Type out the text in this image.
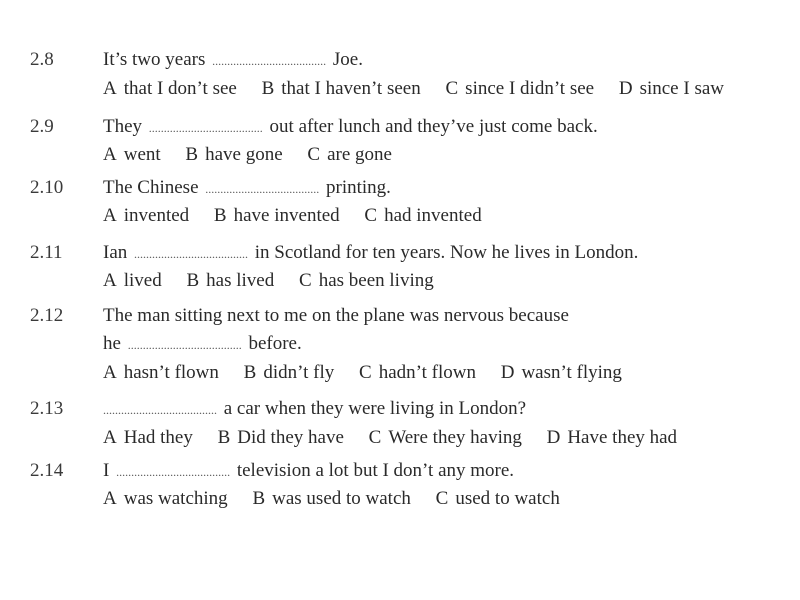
2.8	It’s two years ...................................... Joe.
A that I don’t see B that I haven’t seen C since I didn’t see D since I saw
2.9	They ...................................... out after lunch and they’ve just come back.
A went B have gone C are gone
2.10 The Chinese ...................................... printing.
A invented B have invented C had invented
2.11 Ian ...................................... in Scotland for ten years. Now he lives in London.
A lived B has lived C has been living
2.12 The man sitting next to me on the plane was nervous because
he ...................................... before.
A hasn’t flown B didn’t fly C hadn’t flown D wasn’t flying
2.13	...................................... a car when they were living in London?
A Had they B Did they have C Were they having D Have they had
2.14 I ...................................... television a lot but I don’t any more.
A was watching B was used to watch C used to watch
